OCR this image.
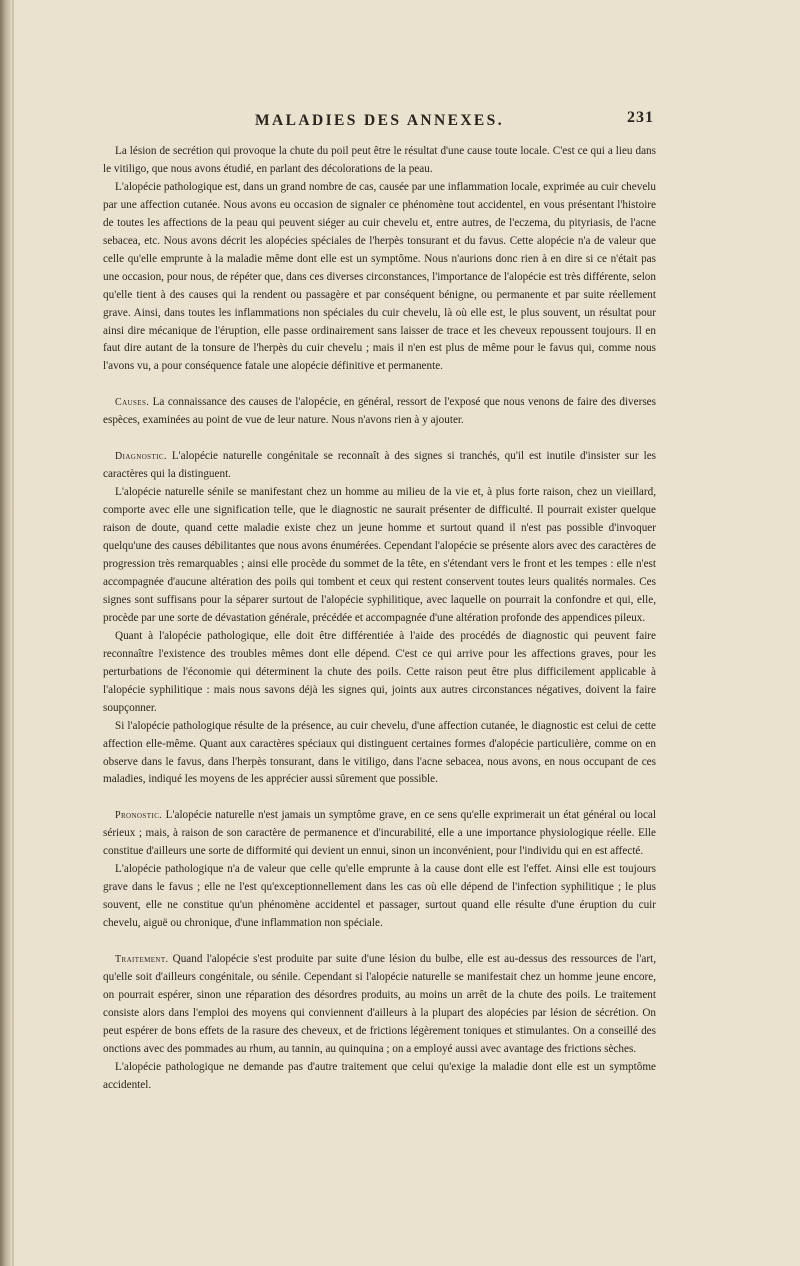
MALADIES DES ANNEXES.	231

La lésion de secrétion qui provoque la chute du poil peut être le résultat d'une cause toute locale. C'est ce qui a lieu dans le vitiligo, que nous avons étudié, en parlant des décolorations de la peau.

L'alopécie pathologique est, dans un grand nombre de cas, causée par une inflammation locale, exprimée au cuir chevelu par une affection cutanée. Nous avons eu occasion de signaler ce phénomène tout accidentel, en vous présentant l'histoire de toutes les affections de la peau qui peuvent siéger au cuir chevelu et, entre autres, de l'eczema, du pityriasis, de l'acne sebacea, etc. Nous avons décrit les alopécies spéciales de l'herpès tonsurant et du favus. Cette alopécie n'a de valeur que celle qu'elle emprunte à la maladie même dont elle est un symptôme. Nous n'aurions donc rien à en dire si ce n'était pas une occasion, pour nous, de répéter que, dans ces diverses circonstances, l'importance de l'alopécie est très différente, selon qu'elle tient à des causes qui la rendent ou passagère et par conséquent bénigne, ou permanente et par suite réellement grave. Ainsi, dans toutes les inflammations non spéciales du cuir chevelu, là où elle est, le plus souvent, un résultat pour ainsi dire mécanique de l'éruption, elle passe ordinairement sans laisser de trace et les cheveux repoussent toujours. Il en faut dire autant de la tonsure de l'herpès du cuir chevelu ; mais il n'en est plus de même pour le favus qui, comme nous l'avons vu, a pour conséquence fatale une alopécie définitive et permanente.

Causes. La connaissance des causes de l'alopécie, en général, ressort de l'exposé que nous venons de faire des diverses espèces, examinées au point de vue de leur nature. Nous n'avons rien à y ajouter.

Diagnostic. L'alopécie naturelle congénitale se reconnaît à des signes si tranchés, qu'il est inutile d'insister sur les caractères qui la distinguent.

L'alopécie naturelle sénile se manifestant chez un homme au milieu de la vie et, à plus forte raison, chez un vieillard, comporte avec elle une signification telle, que le diagnostic ne saurait présenter de difficulté. Il pourrait exister quelque raison de doute, quand cette maladie existe chez un jeune homme et surtout quand il n'est pas possible d'invoquer quelqu'une des causes débilitantes que nous avons énumérées. Cependant l'alopécie se présente alors avec des caractères de progression très remarquables ; ainsi elle procède du sommet de la tête, en s'étendant vers le front et les tempes : elle n'est accompagnée d'aucune altération des poils qui tombent et ceux qui restent conservent toutes leurs qualités normales. Ces signes sont suffisans pour la séparer surtout de l'alopécie syphilitique, avec laquelle on pourrait la confondre et qui, elle, procède par une sorte de dévastation générale, précédée et accompagnée d'une altération profonde des appendices pileux.

Quant à l'alopécie pathologique, elle doit être différentiée à l'aide des procédés de diagnostic qui peuvent faire reconnaître l'existence des troubles mêmes dont elle dépend. C'est ce qui arrive pour les affections graves, pour les perturbations de l'économie qui déterminent la chute des poils. Cette raison peut être plus difficilement applicable à l'alopécie syphilitique : mais nous savons déjà les signes qui, joints aux autres circonstances négatives, doivent la faire soupçonner.

Si l'alopécie pathologique résulte de la présence, au cuir chevelu, d'une affection cutanée, le diagnostic est celui de cette affection elle-même. Quant aux caractères spéciaux qui distinguent certaines formes d'alopécie particulière, comme on en observe dans le favus, dans l'herpès tonsurant, dans le vitiligo, dans l'acne sebacea, nous avons, en nous occupant de ces maladies, indiqué les moyens de les apprécier aussi sûrement que possible.

Pronostic. L'alopécie naturelle n'est jamais un symptôme grave, en ce sens qu'elle exprimerait un état général ou local sérieux ; mais, à raison de son caractère de permanence et d'incurabilité, elle a une importance physiologique réelle. Elle constitue d'ailleurs une sorte de difformité qui devient un ennui, sinon un inconvénient, pour l'individu qui en est affecté.

L'alopécie pathologique n'a de valeur que celle qu'elle emprunte à la cause dont elle est l'effet. Ainsi elle est toujours grave dans le favus ; elle ne l'est qu'exceptionnellement dans les cas où elle dépend de l'infection syphilitique ; le plus souvent, elle ne constitue qu'un phénomène accidentel et passager, surtout quand elle résulte d'une éruption du cuir chevelu, aiguë ou chronique, d'une inflammation non spéciale.

Traitement. Quand l'alopécie s'est produite par suite d'une lésion du bulbe, elle est au-dessus des ressources de l'art, qu'elle soit d'ailleurs congénitale, ou sénile. Cependant si l'alopécie naturelle se manifestait chez un homme jeune encore, on pourrait espérer, sinon une réparation des désordres produits, au moins un arrêt de la chute des poils. Le traitement consiste alors dans l'emploi des moyens qui conviennent d'ailleurs à la plupart des alopécies par lésion de sécrétion. On peut espérer de bons effets de la rasure des cheveux, et de frictions légèrement toniques et stimulantes. On a conseillé des onctions avec des pommades au rhum, au tannin, au quinquina ; on a employé aussi avec avantage des frictions sèches.

L'alopécie pathologique ne demande pas d'autre traitement que celui qu'exige la maladie dont elle est un symptôme accidentel.
